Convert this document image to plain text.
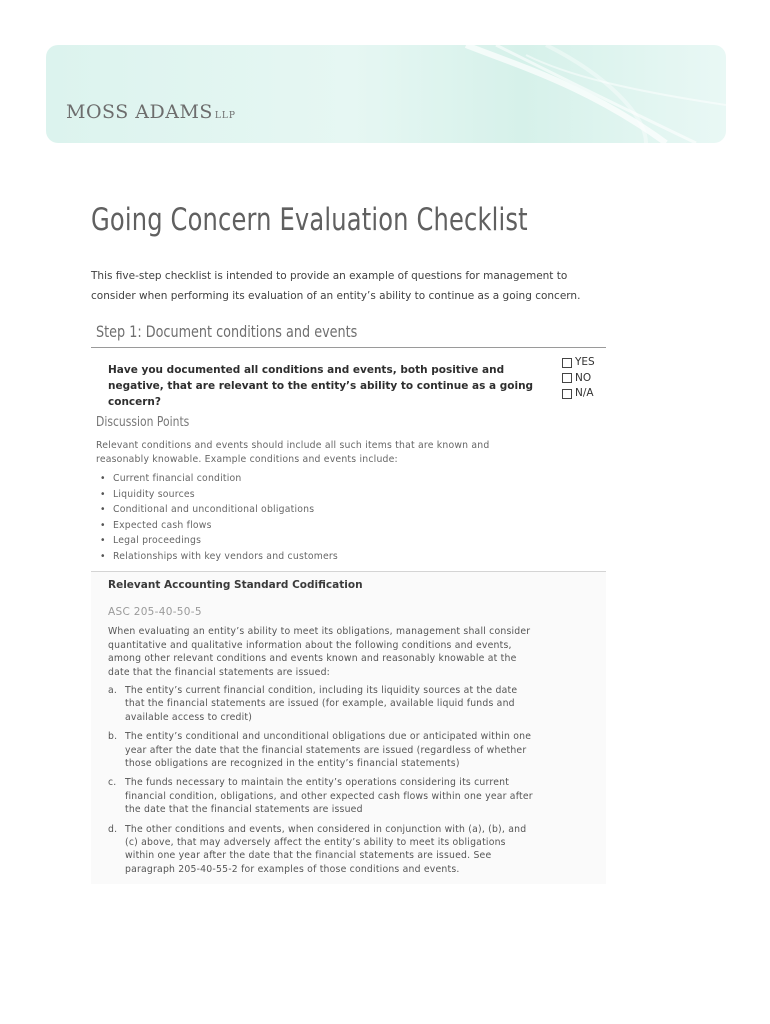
MOSS ADAMS LLP
Going Concern Evaluation Checklist
This five-step checklist is intended to provide an example of questions for management to consider when performing its evaluation of an entity’s ability to continue as a going concern.
Step 1: Document conditions and events
Have you documented all conditions and events, both positive and negative, that are relevant to the entity’s ability to continue as a going concern?
YES
NO
N/A
Discussion Points
Relevant conditions and events should include all such items that are known and reasonably knowable. Example conditions and events include:
• Current financial condition
• Liquidity sources
• Conditional and unconditional obligations
• Expected cash flows
• Legal proceedings
• Relationships with key vendors and customers
Relevant Accounting Standard Codification
ASC 205-40-50-5
When evaluating an entity’s ability to meet its obligations, management shall consider quantitative and qualitative information about the following conditions and events, among other relevant conditions and events known and reasonably knowable at the date that the financial statements are issued:
a. The entity’s current financial condition, including its liquidity sources at the date that the financial statements are issued (for example, available liquid funds and available access to credit)
b. The entity’s conditional and unconditional obligations due or anticipated within one year after the date that the financial statements are issued (regardless of whether those obligations are recognized in the entity’s financial statements)
c. The funds necessary to maintain the entity’s operations considering its current financial condition, obligations, and other expected cash flows within one year after the date that the financial statements are issued
d. The other conditions and events, when considered in conjunction with (a), (b), and (c) above, that may adversely affect the entity’s ability to meet its obligations within one year after the date that the financial statements are issued. See paragraph 205-40-55-2 for examples of those conditions and events.
